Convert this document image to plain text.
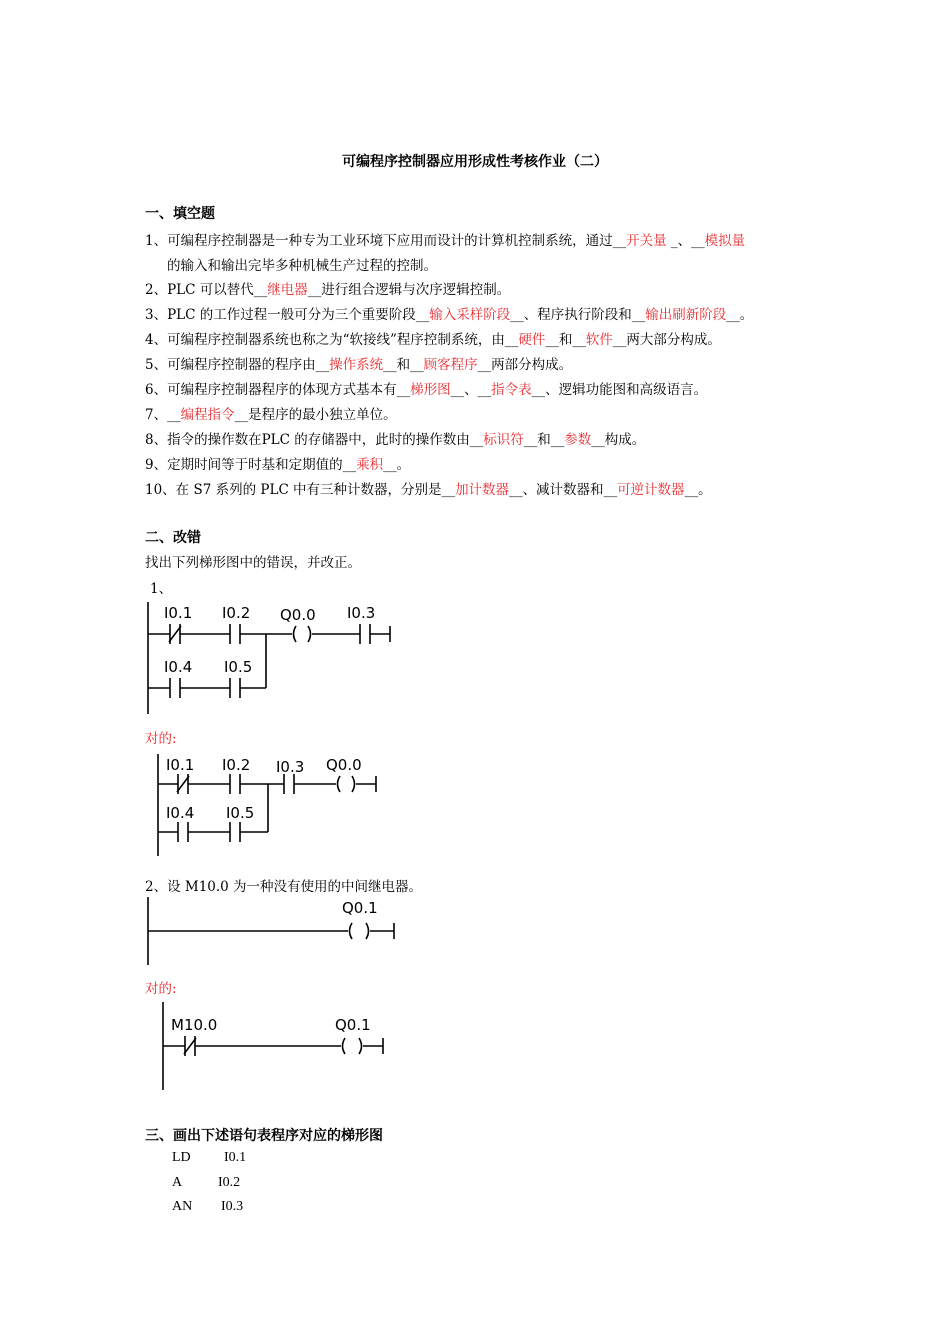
可编程序控制器应用形成性考核作业（二）
一、填空题
1、可编程序控制器是一种专为工业环境下应用而设计的计算机控制系统，通过__开关量 _、__模拟量
的输入和输出完毕多种机械生产过程的控制。
2、PLC 可以替代__继电器__进行组合逻辑与次序逻辑控制。
3、PLC 的工作过程一般可分为三个重要阶段__输入采样阶段__、程序执行阶段和__输出刷新阶段__。
4、可编程序控制器系统也称之为“软接线”程序控制系统，由__硬件__和__软件__两大部分构成。
5、可编程序控制器的程序由__操作系统__和__顾客程序__两部分构成。
6、可编程序控制器程序的体现方式基本有__梯形图__、__指令表__、逻辑功能图和高级语言。
7、__编程指令__是程序的最小独立单位。
8、指令的操作数在PLC 的存储器中，此时的操作数由__标识符__和__参数__构成。
9、定期时间等于时基和定期值的__乘积__。
10、在 S7 系列的 PLC 中有三种计数器，分别是__加计数器__、减计数器和__可逆计数器__。
二、改错
找出下列梯形图中的错误，并改正。
1、
I0.1 I0.2 Q0.0 I0.3
I0.4 I0.5
对的:
I0.1 I0.2 I0.3 Q0.0
I0.4 I0.5
2、设 M10.0 为一种没有使用的中间继电器。
Q0.1
对的:
M10.0	Q0.1
三、画出下述语句表程序对应的梯形图
LD I0.1
A	I0.2
AN I0.3
